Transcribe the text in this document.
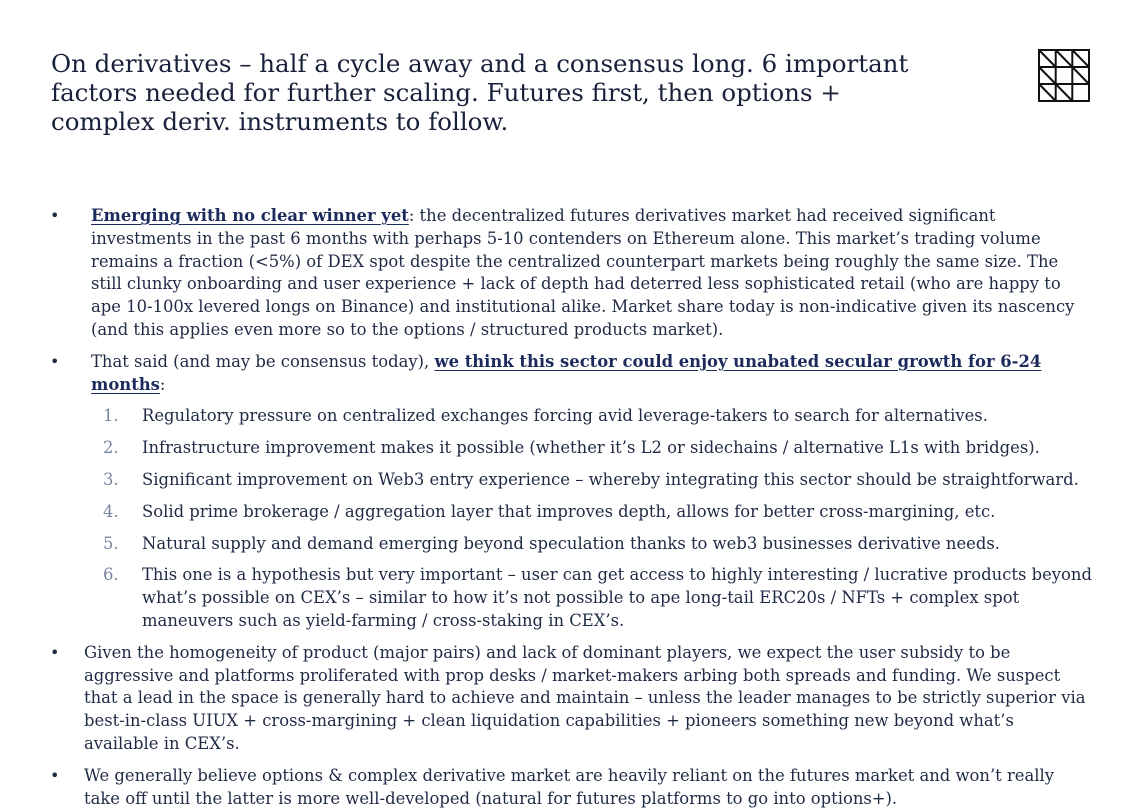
On derivatives – half a cycle away and a consensus long. 6 important factors needed for further scaling. Futures first, then options + complex deriv. instruments to follow.
• Emerging with no clear winner yet: the decentralized futures derivatives market had received significant investments in the past 6 months with perhaps 5-10 contenders on Ethereum alone. This market’s trading volume remains a fraction (<5%) of DEX spot despite the centralized counterpart markets being roughly the same size. The still clunky onboarding and user experience + lack of depth had deterred less sophisticated retail (who are happy to ape 10-100x levered longs on Binance) and institutional alike. Market share today is non-indicative given its nascency (and this applies even more so to the options / structured products market).
• That said (and may be consensus today), we think this sector could enjoy unabated secular growth for 6-24 months:
1. Regulatory pressure on centralized exchanges forcing avid leverage-takers to search for alternatives.
2. Infrastructure improvement makes it possible (whether it’s L2 or sidechains / alternative L1s with bridges).
3. Significant improvement on Web3 entry experience – whereby integrating this sector should be straightforward.
4. Solid prime brokerage / aggregation layer that improves depth, allows for better cross-margining, etc.
5. Natural supply and demand emerging beyond speculation thanks to web3 businesses derivative needs.
6. This one is a hypothesis but very important – user can get access to highly interesting / lucrative products beyond what’s possible on CEX’s – similar to how it’s not possible to ape long-tail ERC20s / NFTs + complex spot maneuvers such as yield-farming / cross-staking in CEX’s.
• Given the homogeneity of product (major pairs) and lack of dominant players, we expect the user subsidy to be aggressive and platforms proliferated with prop desks / market-makers arbing both spreads and funding. We suspect that a lead in the space is generally hard to achieve and maintain – unless the leader manages to be strictly superior via best-in-class UIUX + cross-margining + clean liquidation capabilities + pioneers something new beyond what’s available in CEX’s.
• We generally believe options & complex derivative market are heavily reliant on the futures market and won’t really take off until the latter is more well-developed (natural for futures platforms to go into options+).
